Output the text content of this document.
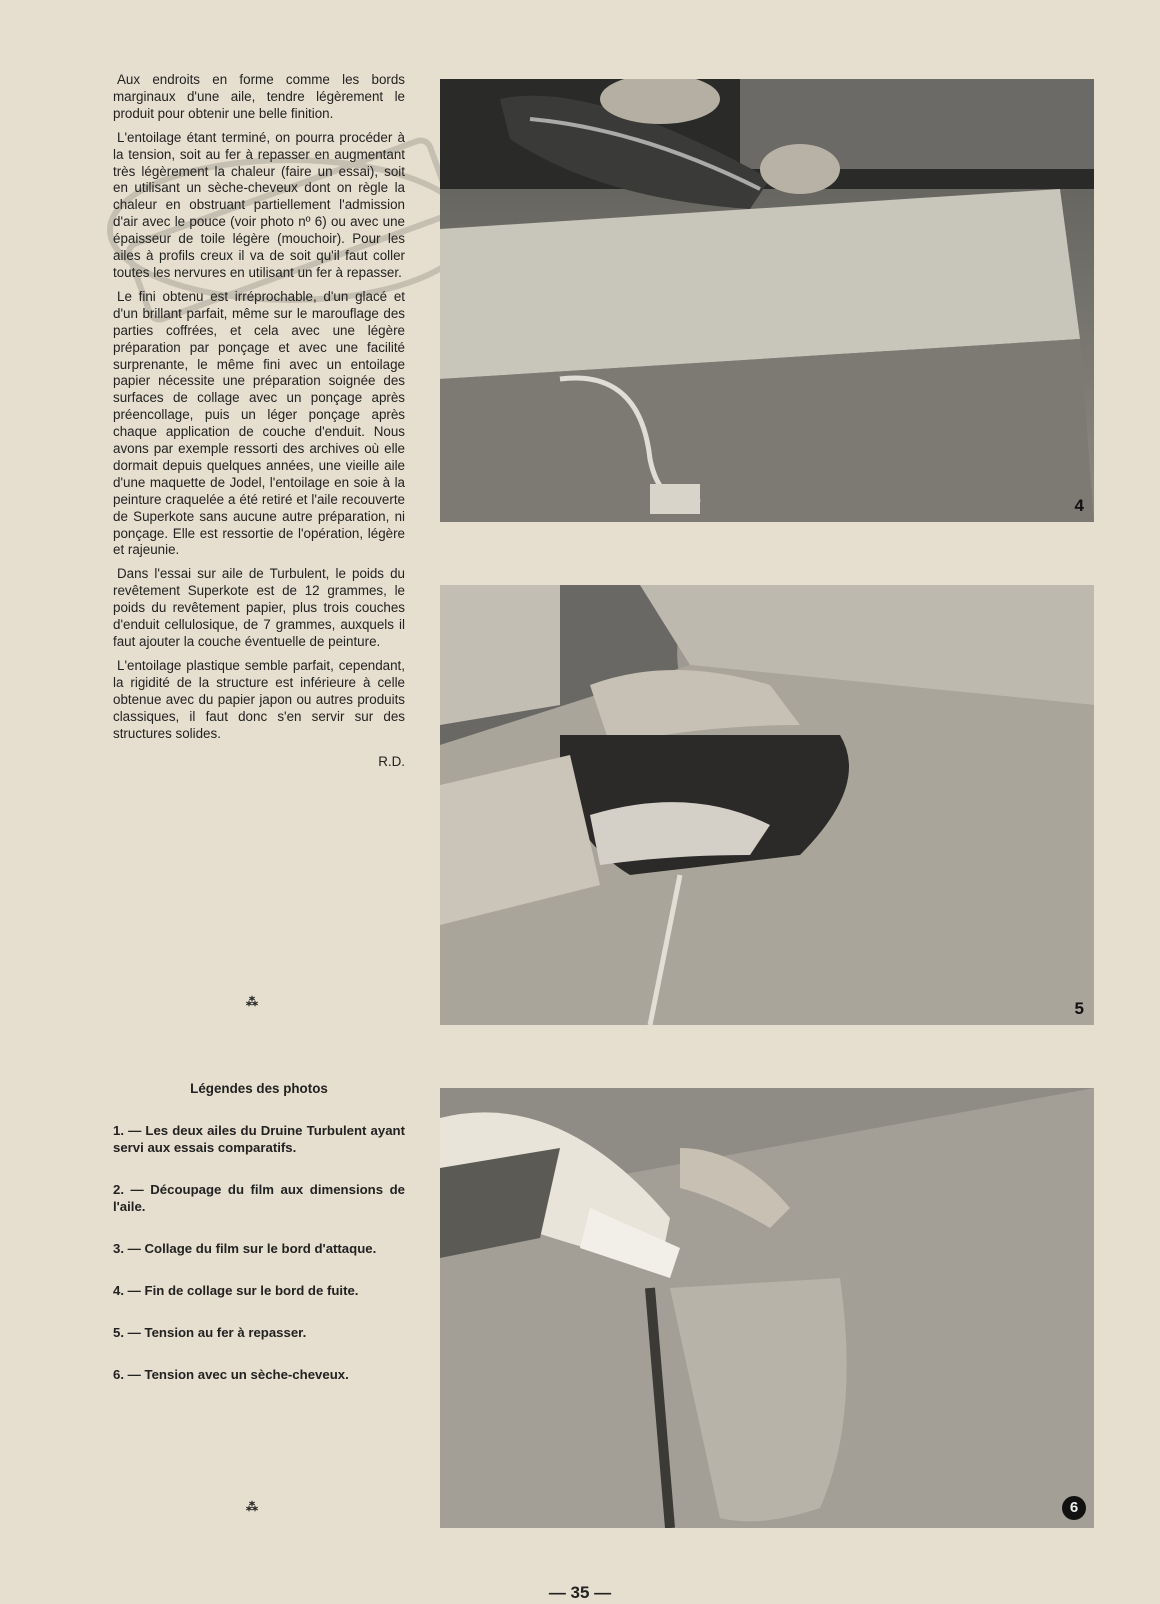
Aux endroits en forme comme les bords marginaux d'une aile, tendre légèrement le produit pour obtenir une belle finition.

L'entoilage étant terminé, on pourra procéder à la tension, soit au fer à repasser en augmentant très légèrement la chaleur (faire un essai), soit en utilisant un sèche-cheveux dont on règle la chaleur en obstruant partiellement l'admission d'air avec le pouce (voir photo nº 6) ou avec une épaisseur de toile légère (mouchoir). Pour les ailes à profils creux il va de soit qu'il faut coller toutes les nervures en utilisant un fer à repasser.

Le fini obtenu est irréprochable, d'un glacé et d'un brillant parfait, même sur le marouflage des parties coffrées, et cela avec une légère préparation par ponçage et avec une facilité surprenante, le même fini avec un entoilage papier nécessite une préparation soignée des surfaces de collage avec un ponçage après préencollage, puis un léger ponçage après chaque application de couche d'enduit. Nous avons par exemple ressorti des archives où elle dormait depuis quelques années, une vieille aile d'une maquette de Jodel, l'entoilage en soie à la peinture craquelée a été retiré et l'aile recouverte de Superkote sans aucune autre préparation, ni ponçage. Elle est ressortie de l'opération, légère et rajeunie.

Dans l'essai sur aile de Turbulent, le poids du revêtement Superkote est de 12 grammes, le poids du revêtement papier, plus trois couches d'enduit cellulosique, de 7 grammes, auxquels il faut ajouter la couche éventuelle de peinture.

L'entoilage plastique semble parfait, cependant, la rigidité de la structure est inférieure à celle obtenue avec du papier japon ou autres produits classiques, il faut donc s'en servir sur des structures solides.

R.D.
⁂
Légendes des photos
1. — Les deux ailes du Druine Turbulent ayant servi aux essais comparatifs.
2. — Découpage du film aux dimensions de l'aile.
3. — Collage du film sur le bord d'attaque.
4. — Fin de collage sur le bord de fuite.
5. — Tension au fer à repasser.
6. — Tension avec un sèche-cheveux.
⁂
4
5
6
— 35 —
